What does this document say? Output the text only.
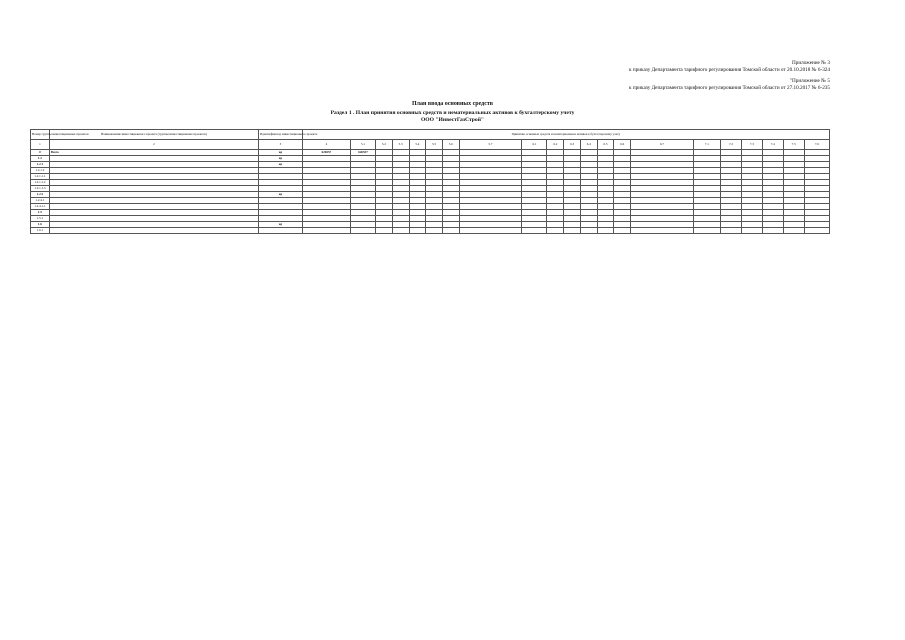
Приложение № 3
к приказу Департамента тарифного регулирования Томской области от 20.10.2018 № 6-324
"Приложение № 5
к приказу Департамента тарифного регулирования Томской области от 27.10.2017 № 6-235
План ввода основных средств
Раздел 1 . План принятия основных средств и нематериальных активов к бухгалтерскому учету
ООО "ИнвестГазСтрой"
Номер группы инвестиционных проектов	Наименование инвестиционного проекта (группы инвестиционных проектов)	Идентификатор инвестиционного проекта	Принятие основных средств и нематериальных активов к бухгалтерскому учету																				
1	2	3	4	5.1	5.2	5.3	5.4	5.5	5.6	5.7	6.1	6.2	6.3	6.4	6.5	6.6	6.7	7.1	7.2	7.3	7.4	7.5	7.6
0	Всего	нд	626557	626557																			
1.2		нд																					
1.2.1		нд																					
1.2.1.2																							
1.2.1.1.1																							
1.2.1.1.2																							
1.2.1.1.3																							
1.2.2		нд																					
1.2.4.1																							
1.2.4.1.1																							
1.5																							
1.5.1																							
1.6		нд																					
1.6.1																							
